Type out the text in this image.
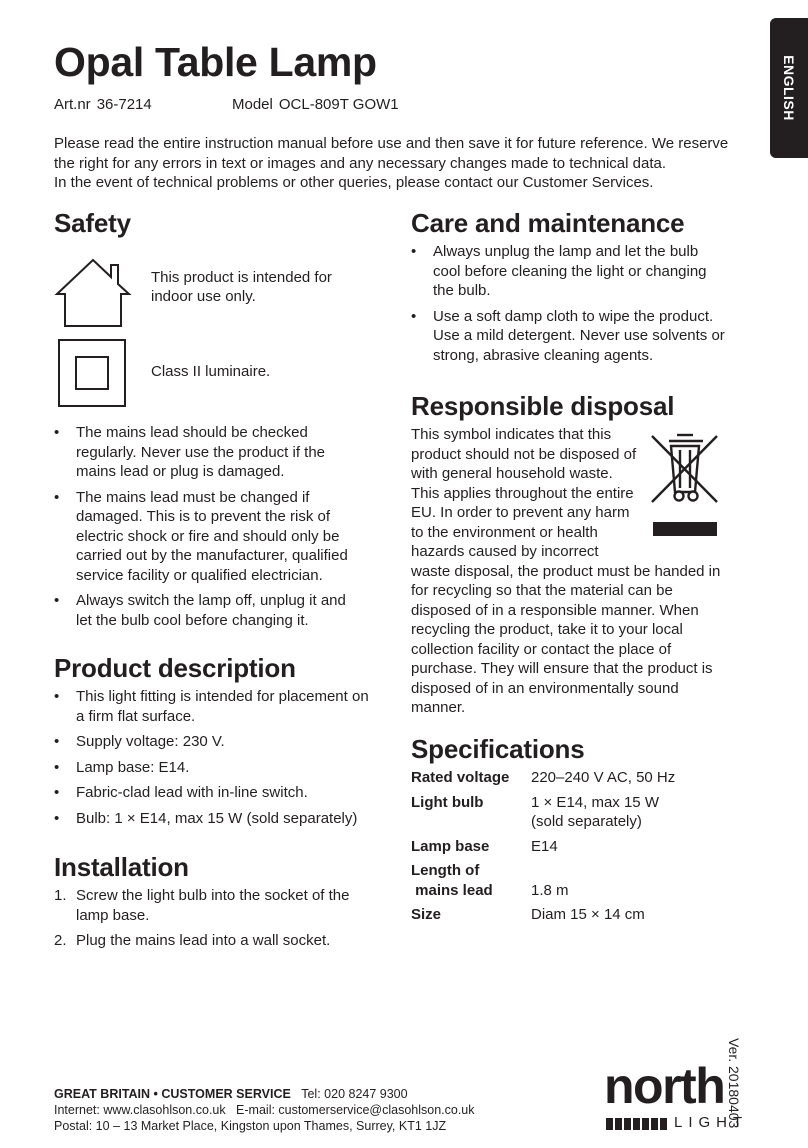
ENGLISH
Opal Table Lamp
Art.nr 36-7214	Model OCL-809T GOW1

Please read the entire instruction manual before use and then save it for future reference. We reserve

the right for any errors in text or images and any necessary changes made to technical data.

In the event of technical problems or other queries, please contact our Customer Services.

Safety
This product is intended for indoor use only.
Class II luminaire.
• The mains lead should be checked regularly. Never use the product if the mains lead or plug is damaged.
• The mains lead must be changed if damaged. This is to prevent the risk of electric shock or fire and should only be carried out by the manufacturer, qualified service facility or qualified electrician.
• Always switch the lamp off, unplug it and let the bulb cool before changing it.
Product description
• This light fitting is intended for placement on a firm flat surface.
• Supply voltage: 230 V.
• Lamp base: E14.
• Fabric-clad lead with in-line switch.
• Bulb: 1 × E14, max 15 W (sold separately)
Installation
1. Screw the light bulb into the socket of the lamp base.
2. Plug the mains lead into a wall socket.
Care and maintenance
• Always unplug the lamp and let the bulb cool before cleaning the light or changing the bulb.
• Use a soft damp cloth to wipe the product. Use a mild detergent. Never use solvents or strong, abrasive cleaning agents.
Responsible disposal
This symbol indicates that this product should not be disposed of with general household waste. This applies throughout the entire EU. In order to prevent any harm to the environment or health hazards caused by incorrect
waste disposal, the product must be handed in for recycling so that the material can be disposed of in a responsible manner. When recycling the product, take it to your local collection facility or contact the place of purchase. They will ensure that the product is disposed of in an environmentally sound manner.
Specifications
Rated voltage	220–240 V AC, 50 Hz
Light bulb	1 × E14, max 15 W
(sold separately)

Lamp base	E14

Length of
mains lead	1.8 m

Size	Diam 15 × 14 cm
Ver. 20180403
GREAT BRITAIN • CUSTOMER SERVICE Tel: 020 8247 9300
Internet: www.clasohlson.co.uk E-mail: customerservice@clasohlson.co.uk
Postal: 10 – 13 Market Place, Kingston upon Thames, Surrey, KT1 1JZ
north
LIGHT
